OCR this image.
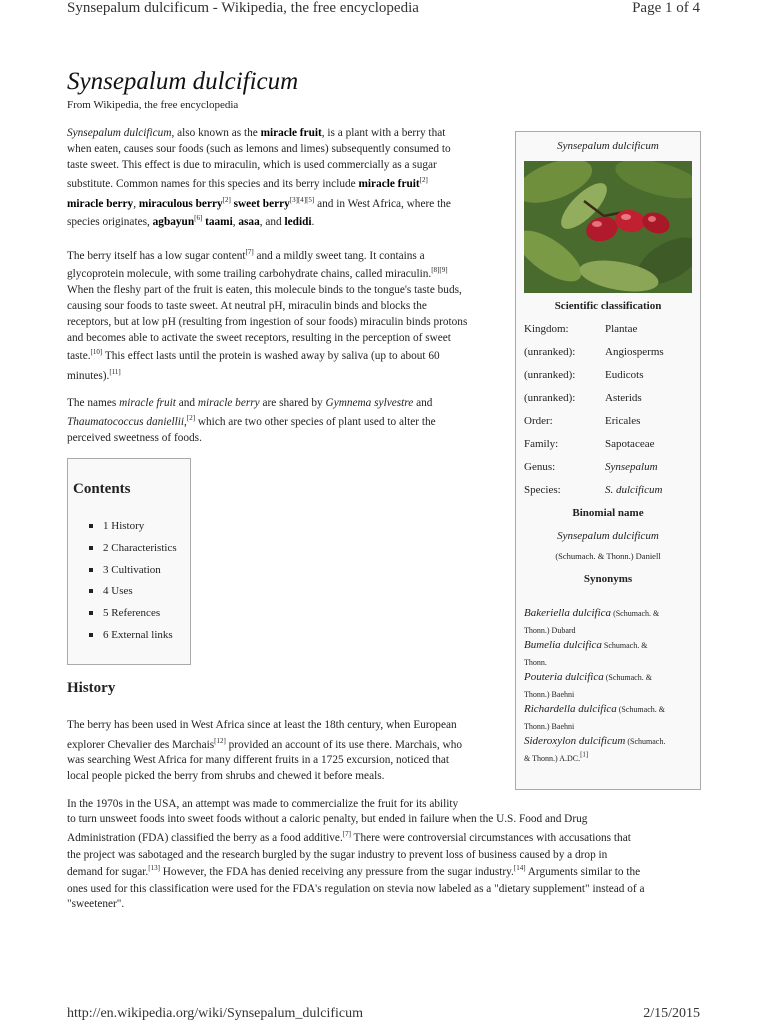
Synsepalum dulcificum - Wikipedia, the free encyclopedia	Page 1 of 4
Synsepalum dulcificum
From Wikipedia, the free encyclopedia
Synsepalum dulcificum, also known as the miracle fruit, is a plant with a berry that
when eaten, causes sour foods (such as lemons and limes) subsequently consumed to
taste sweet. This effect is due to miraculin, which is used commercially as a sugar
substitute. Common names for this species and its berry include miracle fruit[2]
miracle berry, miraculous berry[2] sweet berry[3][4][5] and in West Africa, where the
species originates, agbayun[6] taami, asaa, and ledidi.
The berry itself has a low sugar content[7] and a mildly sweet tang. It contains a
glycoprotein molecule, with some trailing carbohydrate chains, called miraculin.[8][9]
When the fleshy part of the fruit is eaten, this molecule binds to the tongue's taste buds,
causing sour foods to taste sweet. At neutral pH, miraculin binds and blocks the
receptors, but at low pH (resulting from ingestion of sour foods) miraculin binds protons
and becomes able to activate the sweet receptors, resulting in the perception of sweet
taste.[10] This effect lasts until the protein is washed away by saliva (up to about 60
minutes).[11]
The names miracle fruit and miracle berry are shared by Gymnema sylvestre and
Thaumatococcus daniellii,[2] which are two other species of plant used to alter the
perceived sweetness of foods.
Synsepalum dulcificum
Scientific classification
Kingdom:	Plantae
(unranked):	Angiosperms
(unranked):	Eudicots
(unranked):	Asterids
Order:	Ericales
Family:	Sapotaceae
Genus:	Synsepalum
Species:	S. dulcificum
Binomial name
Synsepalum dulcificum
(Schumach. & Thonn.) Daniell
Synonyms
Bakeriella dulcifica (Schumach. &
Thonn.) Dubard
Bumelia dulcifica Schumach. &
Thonn.
Pouteria dulcifica (Schumach. &
Thonn.) Baehni
Richardella dulcifica (Schumach. &
Thonn.) Baehni
Sideroxylon dulcificum (Schumach.
& Thonn.) A.DC.[1]
Contents
1 History
2 Characteristics
3 Cultivation
4 Uses
5 References
6 External links
History
The berry has been used in West Africa since at least the 18th century, when European
explorer Chevalier des Marchais[12] provided an account of its use there. Marchais, who
was searching West Africa for many different fruits in a 1725 excursion, noticed that
local people picked the berry from shrubs and chewed it before meals.
In the 1970s in the USA, an attempt was made to commercialize the fruit for its ability
to turn unsweet foods into sweet foods without a caloric penalty, but ended in failure when the U.S. Food and Drug
Administration (FDA) classified the berry as a food additive.[7] There were controversial circumstances with accusations that
the project was sabotaged and the research burgled by the sugar industry to prevent loss of business caused by a drop in
demand for sugar.[13] However, the FDA has denied receiving any pressure from the sugar industry.[14] Arguments similar to the
ones used for this classification were used for the FDA's regulation on stevia now labeled as a "dietary supplement" instead of a
"sweetener".
http://en.wikipedia.org/wiki/Synsepalum_dulcificum	2/15/2015
